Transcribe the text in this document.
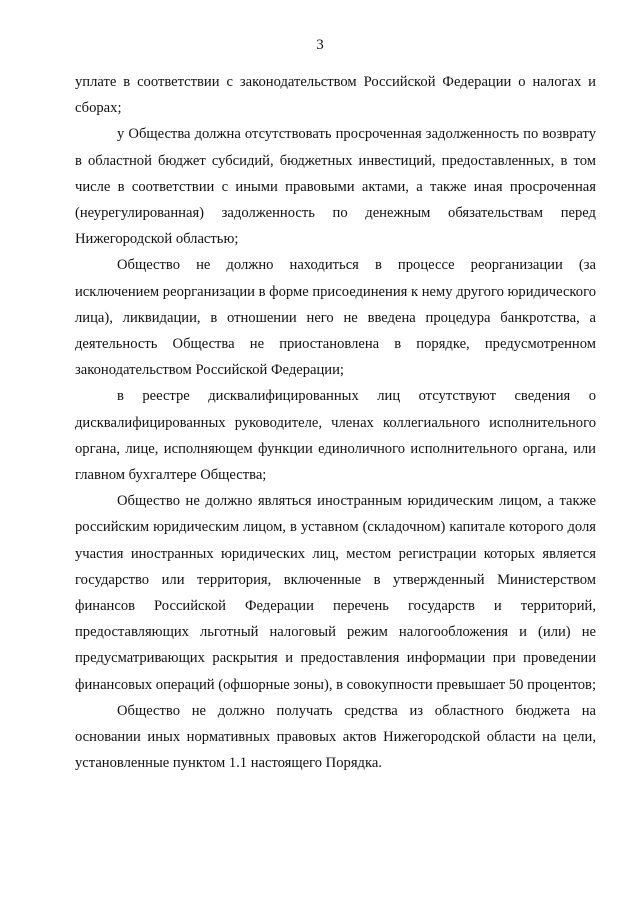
3

уплате в соответствии с законодательством Российской Федерации о налогах и сборах;

у Общества должна отсутствовать просроченная задолженность по возврату в областной бюджет субсидий, бюджетных инвестиций, предоставленных, в том числе в соответствии с иными правовыми актами, а также иная просроченная (неурегулированная) задолженность по денежным обязательствам перед Нижегородской областью;

Общество не должно находиться в процессе реорганизации (за исключением реорганизации в форме присоединения к нему другого юридического лица), ликвидации, в отношении него не введена процедура банкротства, а деятельность Общества не приостановлена в порядке, предусмотренном законодательством Российской Федерации;

в реестре дисквалифицированных лиц отсутствуют сведения о дисквалифицированных руководителе, членах коллегиального исполнительного органа, лице, исполняющем функции единоличного исполнительного органа, или главном бухгалтере Общества;

Общество не должно являться иностранным юридическим лицом, а также российским юридическим лицом, в уставном (складочном) капитале которого доля участия иностранных юридических лиц, местом регистрации которых является государство или территория, включенные в утвержденный Министерством финансов Российской Федерации перечень государств и территорий, предоставляющих льготный налоговый режим налогообложения и (или) не предусматривающих раскрытия и предоставления информации при проведении финансовых операций (офшорные зоны), в совокупности превышает 50 процентов;

Общество не должно получать средства из областного бюджета на основании иных нормативных правовых актов Нижегородской области на цели, установленные пунктом 1.1 настоящего Порядка.
